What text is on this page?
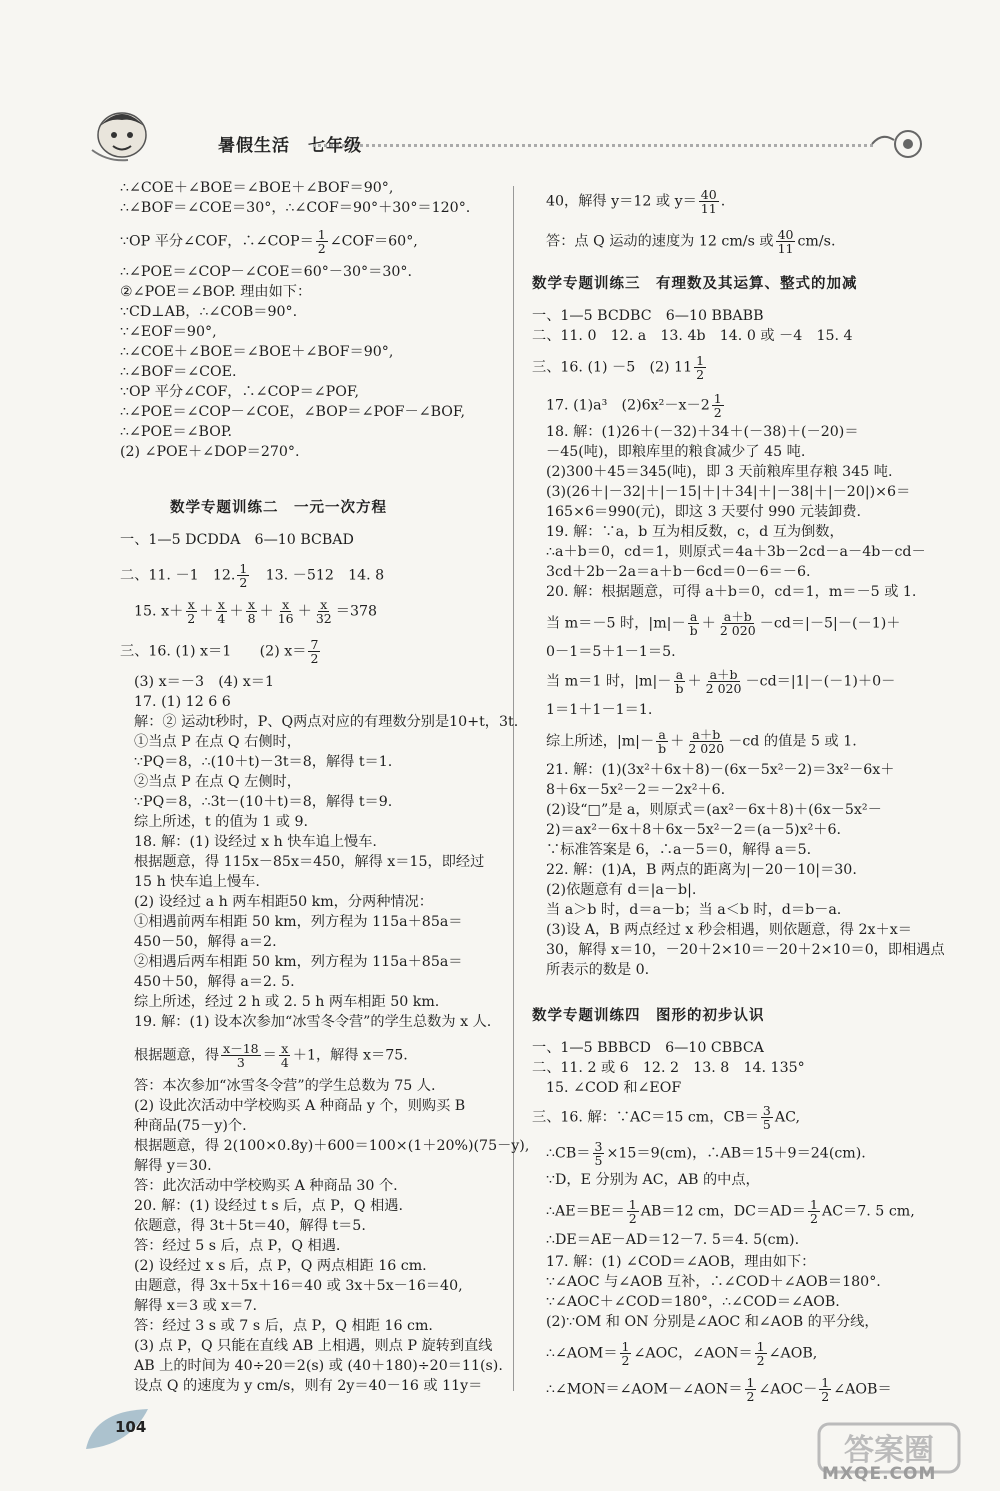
暑假生活　七年级
∴∠COE＋∠BOE＝∠BOE＋∠BOF＝90°,
∴∠BOF＝∠COE＝30°，∴∠COF＝90°＋30°＝120°.
∵OP 平分∠COF，∴∠COP＝ $\frac{1}{2}$ ∠COF＝60°,
∴∠POE＝∠COP－∠COE＝60°－30°＝30°.
②∠POE＝∠BOP. 理由如下：
∵CD⊥AB，∴∠COB＝90°.
∵∠EOF＝90°,
∴∠COE＋∠BOE＝∠BOE＋∠BOF＝90°,
∴∠BOF＝∠COE.
∵OP 平分∠COF，∴∠COP＝∠POF,
∴∠POE＝∠COP－∠COE，∠BOP＝∠POF－∠BOF,
∴∠POE＝∠BOP.
(2) ∠POE＋∠DOP＝270°.
数学专题训练二　一元一次方程
一、1—5 DCDDA　6—10 BCBAD
二、11. －1　12. $\frac{1}{2}$ 　13. －512　14. 8
15. $x+ \frac{x}{2} + \frac{x}{4} + \frac{x}{8} + \frac{x}{16} + \frac{x}{32} =378$
三、16. (1) x＝1　　(2) $x= \frac{7}{2}$
(3) x＝－3　(4) x＝1
17. (1) 12 6 6
解：② 运动t秒时，P、Q两点对应的有理数分别是10+t，3t.
①当点 P 在点 Q 右侧时，
∵PQ＝8，∴(10＋t)－3t＝8，解得 t＝1.
②当点 P 在点 Q 左侧时，
∵PQ＝8，∴3t－(10＋t)＝8，解得 t＝9.
综上所述，t 的值为 1 或 9.
18. 解：(1) 设经过 x h 快车追上慢车.
根据题意，得 115x－85x＝450，解得 x＝15，即经过
15 h 快车追上慢车.
(2) 设经过 a h 两车相距50 km，分两种情况：
①相遇前两车相距 50 km，列方程为 115a＋85a＝
450－50，解得 a＝2.
②相遇后两车相距 50 km，列方程为 115a＋85a＝
450＋50，解得 a＝2. 5.
综上所述，经过 2 h 或 2. 5 h 两车相距 50 km.
19. 解：(1) 设本次参加“冰雪冬令营”的学生总数为 x 人.
根据题意，得 $\frac{x-18}{3} = \frac{x}{4} +1$，解得 x＝75.
答：本次参加“冰雪冬令营”的学生总数为 75 人.
(2) 设此次活动中学校购买 A 种商品 y 个，则购买 B
种商品(75－y)个.
根据题意，得 2(100×0.8y)＋600＝100×(1＋20%)(75－y),
解得 y＝30.
答：此次活动中学校购买 A 种商品 30 个.
20. 解：(1) 设经过 t s 后，点 P，Q 相遇.
依题意，得 3t＋5t＝40，解得 t＝5.
答：经过 5 s 后，点 P，Q 相遇.
(2) 设经过 x s 后，点 P，Q 两点相距 16 cm.
由题意，得 3x＋5x＋16＝40 或 3x＋5x－16＝40,
解得 x＝3 或 x＝7.
答：经过 3 s 或 7 s 后，点 P，Q 相距 16 cm.
(3) 点 P，Q 只能在直线 AB 上相遇，则点 P 旋转到直线
AB 上的时间为 40÷20＝2(s) 或 (40＋180)÷20＝11(s).
设点 Q 的速度为 y cm/s，则有 2y＝40－16 或 11y＝
40，解得 y＝12 或 $y= \frac{40}{11}$ .
答：点 Q 运动的速度为 12 cm/s 或 $\frac{40}{11} cm/s$.
数学专题训练三　有理数及其运算、整式的加减
一、1—5 BCDBC　6—10 BBABB
二、11. 0　12. a　13. 4b　14. 0 或 －4　15. 4
三、16. (1) －5　(2) $11 \frac{1}{2}$
17. (1)a³　$(2)6x^2-x-2 \frac{1}{2}$
18. 解：(1)26＋(－32)＋34＋(－38)＋(－20)＝
－45(吨)，即粮库里的粮食减少了 45 吨.
(2)300＋45＝345(吨)，即 3 天前粮库里存粮 345 吨.
(3)(26＋|－32|＋|－15|＋|＋34|＋|－38|＋|－20|)×6＝
165×6＝990(元)，即这 3 天要付 990 元装卸费.
19. 解：∵a，b 互为相反数，c，d 互为倒数，
∴a＋b＝0，cd＝1，则原式＝4a＋3b－2cd－a－4b－cd－
3cd＋2b－2a＝a＋b－6cd＝0－6＝－6.
20. 解：根据题意，可得 a＋b＝0，cd＝1，m＝－5 或 1.
当 m＝－5 时，$|m|- \frac{a}{b} + \frac{a+b}{2 020} -cd=|-5|-(-1)+$
0－1＝5＋1－1＝5.
当 m＝1 时，$|m|- \frac{a}{b} + \frac{a+b}{2 020} -cd=|1|-(-1)+0-$
1＝1＋1－1＝1.
综上所述，$|m|- \frac{a}{b} + \frac{a+b}{2 020} -cd$ 的值是 5 或 1.
21. 解：(1)(3x²＋6x＋8)－(6x－5x²－2)＝3x²－6x＋
8＋6x－5x²－2＝－2x²＋6.
(2)设“□”是 a，则原式＝(ax²－6x＋8)＋(6x－5x²－
2)＝ax²－6x＋8＋6x－5x²－2＝(a－5)x²＋6.
∵标准答案是 6，∴a－5＝0，解得 a＝5.
22. 解：(1)A，B 两点的距离为|－20－10|＝30.
(2)依题意有 d＝|a－b|.
当 a＞b 时，d＝a－b；当 a＜b 时，d＝b－a.
(3)设 A，B 两点经过 x 秒会相遇，则依题意，得 2x＋x＝
30，解得 x＝10，－20＋2×10＝－20＋2×10＝0，即相遇点
所表示的数是 0.
数学专题训练四　图形的初步认识
一、1—5 BBBCD　6—10 CBBCA
二、11. 2 或 6　12. 2　13. 8　14. 135°
15. ∠COD 和∠EOF
三、16. 解：∵AC＝15 cm，$CB= \frac{3}{5}$ AC,
∴CB＝ $\frac{3}{5} \times 15=9(cm)$，∴AB＝15＋9＝24(cm).
∵D，E 分别为 AC，AB 的中点，
∴AE＝BE＝ $\frac{1}{2} AB=12$ cm，$DC=AD= \frac{1}{2} AC=7$. 5 cm,
∴DE＝AE－AD＝12－7. 5＝4. 5(cm).
17. 解：(1) ∠COD＝∠AOB，理由如下：
∵∠AOC 与∠AOB 互补，∴∠COD＋∠AOB＝180°.
∵∠AOC＋∠COD＝180°，∴∠COD＝∠AOB.
(2)∵OM 和 ON 分别是∠AOC 和∠AOB 的平分线，
∴∠AOM＝ $\frac{1}{2}$ ∠AOC，∠AON＝ $\frac{1}{2}$ ∠AOB,
∴∠MON＝∠AOM－∠AON＝ $\frac{1}{2}$ ∠AOC－ $\frac{1}{2}$ ∠AOB＝
104
答案圈
MXQE.COM
